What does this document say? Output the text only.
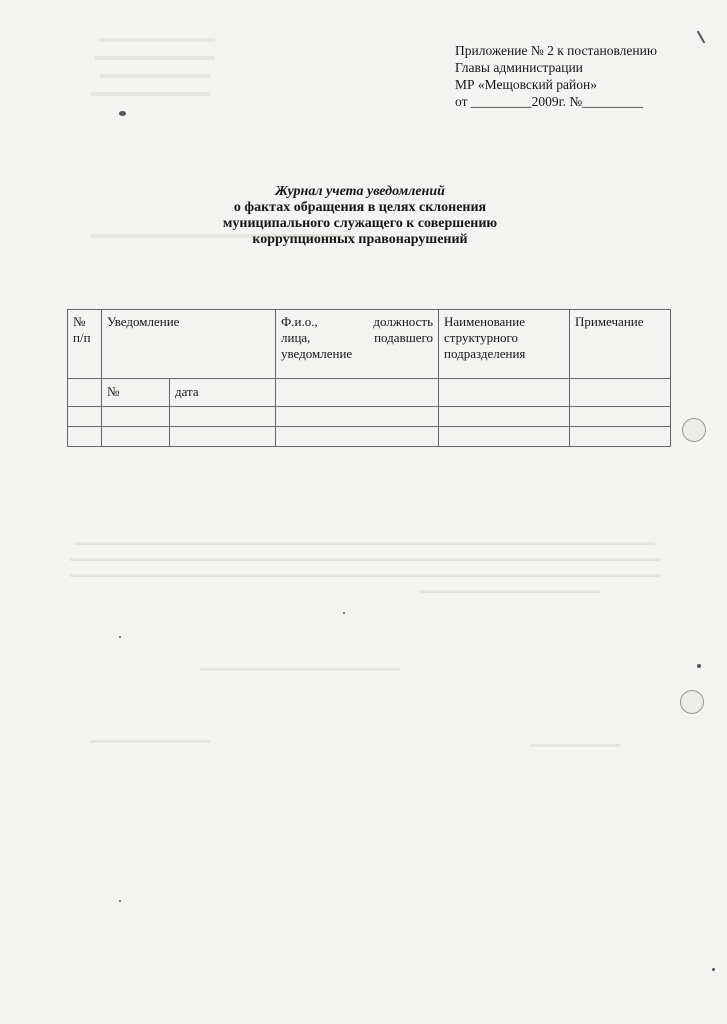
Приложение № 2 к постановлению
Главы администрации
МР «Мещовский район»
от _________2009г. №_________
Журнал учета уведомлений
о фактах обращения в целях склонения
муниципального служащего к совершению
коррупционных правонарушений
№ п/п	Уведомление		Ф.и.о., должность
лица, подавшего
уведомление	Наименование структурного подразделения	Примечание
	№	дата			
